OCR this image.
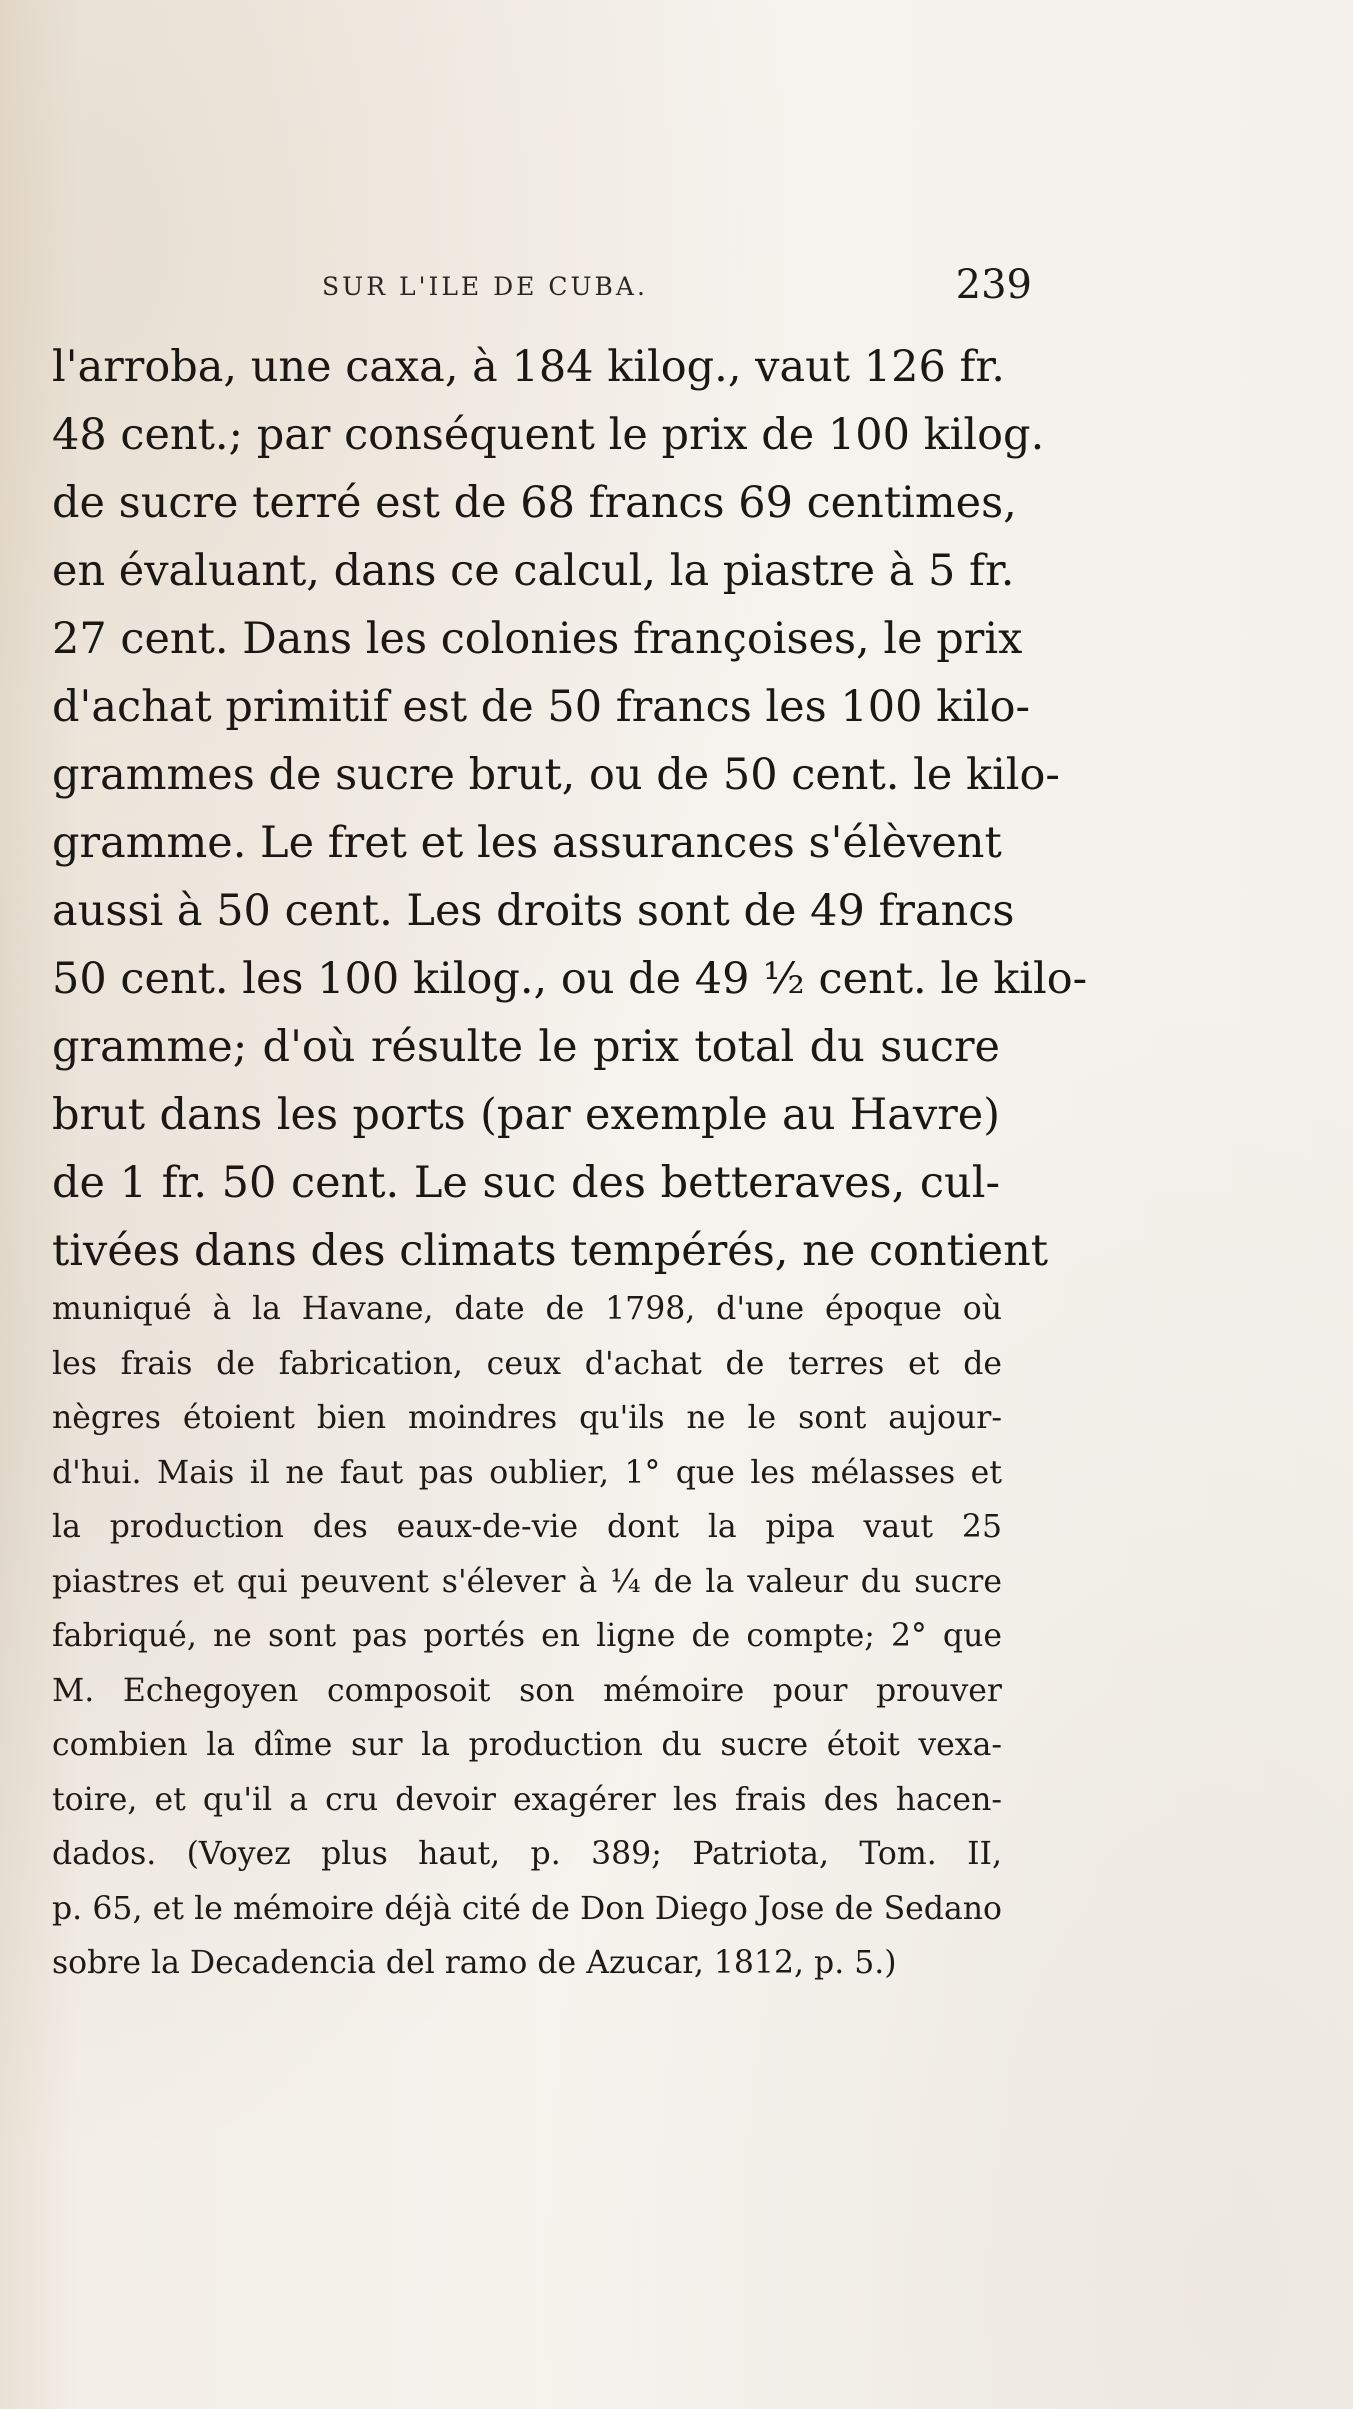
SUR L'ILE DE CUBA.	239
l'arroba, une caxa, à 184 kilog., vaut 126 fr.
48 cent.; par conséquent le prix de 100 kilog.
de sucre terré est de 68 francs 69 centimes,
en évaluant, dans ce calcul, la piastre à 5 fr.
27 cent. Dans les colonies françoises, le prix
d'achat primitif est de 50 francs les 100 kilo-
grammes de sucre brut, ou de 50 cent. le kilo-
gramme. Le fret et les assurances s'élèvent
aussi à 50 cent. Les droits sont de 49 francs
50 cent. les 100 kilog., ou de 49 ½ cent. le kilo-
gramme; d'où résulte le prix total du sucre
brut dans les ports (par exemple au Havre)
de 1 fr. 50 cent. Le suc des betteraves, cul-
tivées dans des climats tempérés, ne contient
muniqué à la Havane, date de 1798, d'une époque où
les frais de fabrication, ceux d'achat de terres et de
nègres étoient bien moindres qu'ils ne le sont aujour-
d'hui. Mais il ne faut pas oublier, 1° que les mélasses et
la production des eaux-de-vie dont la pipa vaut 25
piastres et qui peuvent s'élever à ¼ de la valeur du sucre
fabriqué, ne sont pas portés en ligne de compte; 2° que
M. Echegoyen composoit son mémoire pour prouver
combien la dîme sur la production du sucre étoit vexa-
toire, et qu'il a cru devoir exagérer les frais des hacen-
dados. (Voyez plus haut, p. 389; Patriota, Tom. II,
p. 65, et le mémoire déjà cité de Don Diego Jose de Sedano
sobre la Decadencia del ramo de Azucar, 1812, p. 5.)
